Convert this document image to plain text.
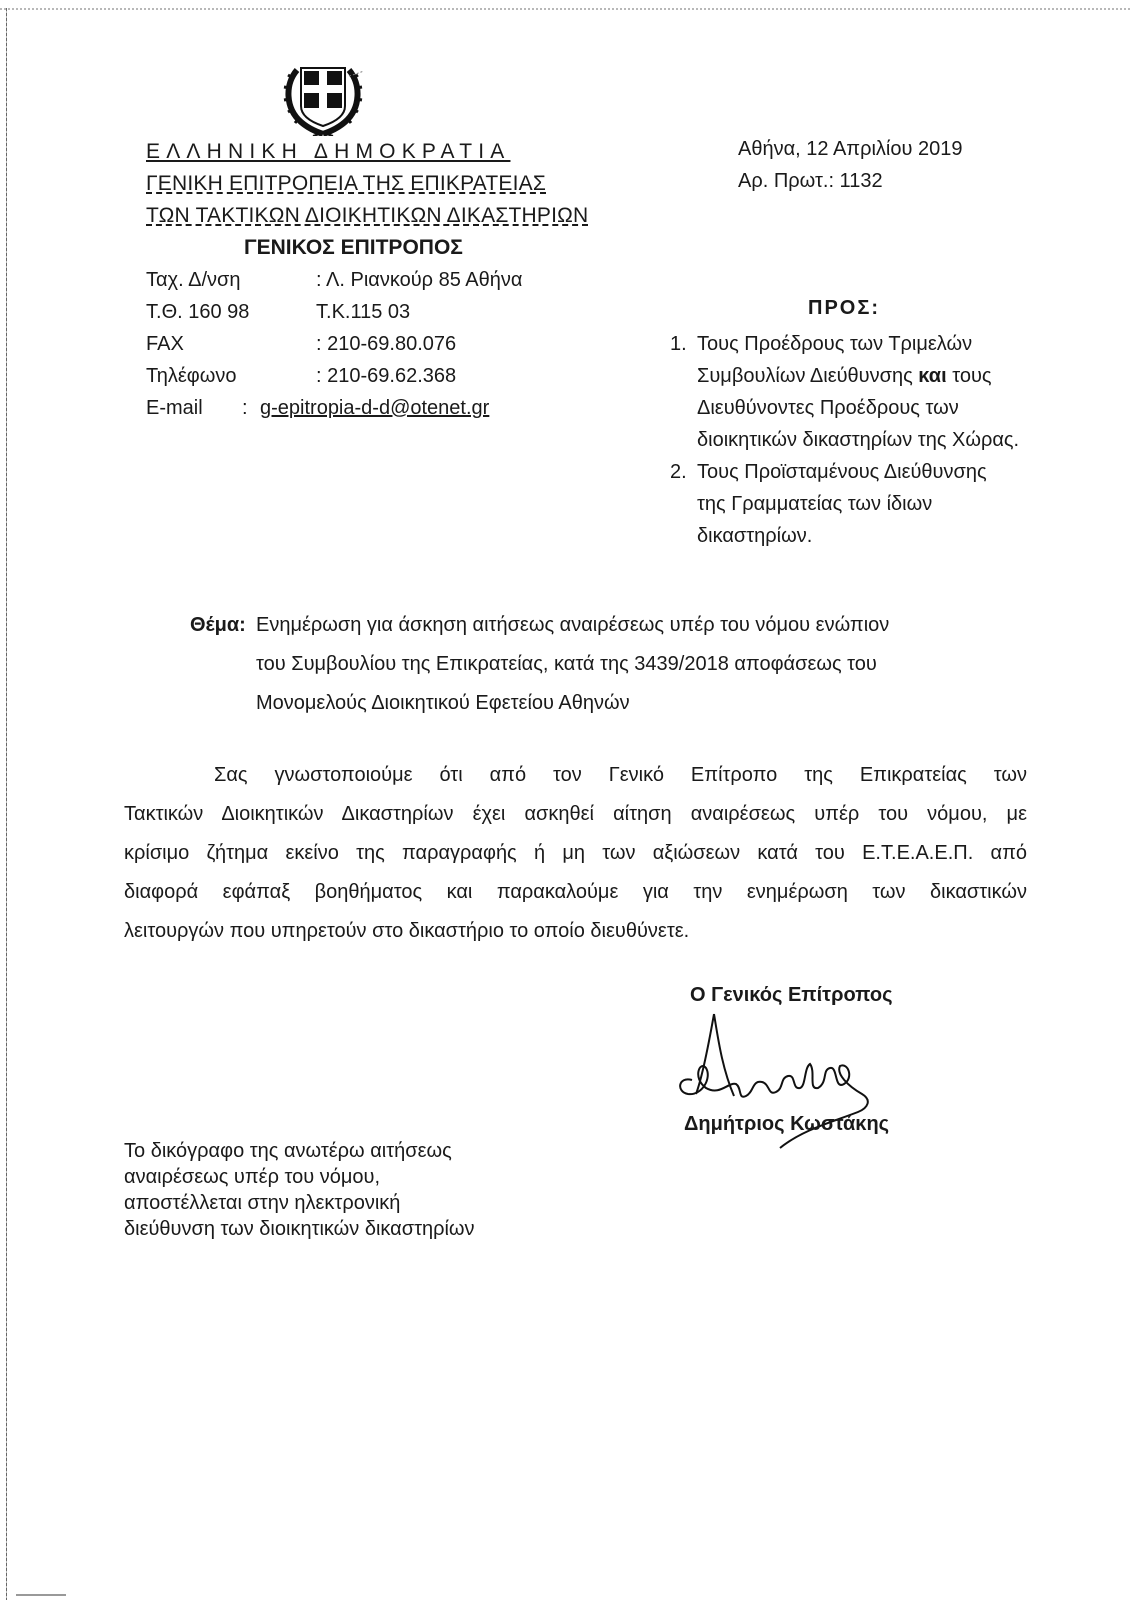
ΕΛΛΗΝΙΚΗ ΔΗΜΟΚΡΑΤΙΑ
ΓΕΝΙΚΗ ΕΠΙΤΡΟΠΕΙΑ ΤΗΣ ΕΠΙΚΡΑΤΕΙΑΣ
ΤΩΝ ΤΑΚΤΙΚΩΝ ΔΙΟΙΚΗΤΙΚΩΝ ΔΙΚΑΣΤΗΡΙΩΝ
ΓΕΝΙΚΟΣ ΕΠΙΤΡΟΠΟΣ
Ταχ. Δ/νση	: Λ. Ριανκούρ 85 Αθήνα
Τ.Θ. 160 98	Τ.Κ.115 03
FAX	: 210-69.80.076
Τηλέφωνο	: 210-69.62.368
E-mail : g-epitropia-d-d@otenet.gr
Αθήνα, 12 Απριλίου 2019
Αρ. Πρωτ.: 1132
ΠΡΟΣ:
1. Τους Προέδρους των Τριμελών
Συμβουλίων Διεύθυνσης και τους
Διευθύνοντες Προέδρους των
διοικητικών δικαστηρίων της Χώρας.
2. Τους Προϊσταμένους Διεύθυνσης
της Γραμματείας των ίδιων
δικαστηρίων.
Θέμα: Ενημέρωση για άσκηση αιτήσεως αναιρέσεως υπέρ του νόμου ενώπιον
του Συμβουλίου της Επικρατείας, κατά της 3439/2018 αποφάσεως του
Μονομελούς Διοικητικού Εφετείου Αθηνών
Σας γνωστοποιούμε ότι από τον Γενικό Επίτροπο της Επικρατείας των
Τακτικών Διοικητικών Δικαστηρίων έχει ασκηθεί αίτηση αναιρέσεως υπέρ του νόμου, με
κρίσιμο ζήτημα εκείνο της παραγραφής ή μη των αξιώσεων κατά του Ε.Τ.Ε.Α.Ε.Π. από
διαφορά εφάπαξ βοηθήματος και παρακαλούμε για την ενημέρωση των δικαστικών
λειτουργών που υπηρετούν στο δικαστήριο το οποίο διευθύνετε.
Ο Γενικός Επίτροπος
Δημήτριος Κωστάκης
Το δικόγραφο της ανωτέρω αιτήσεως
αναιρέσεως υπέρ του νόμου,
αποστέλλεται στην ηλεκτρονική
διεύθυνση των διοικητικών δικαστηρίων
